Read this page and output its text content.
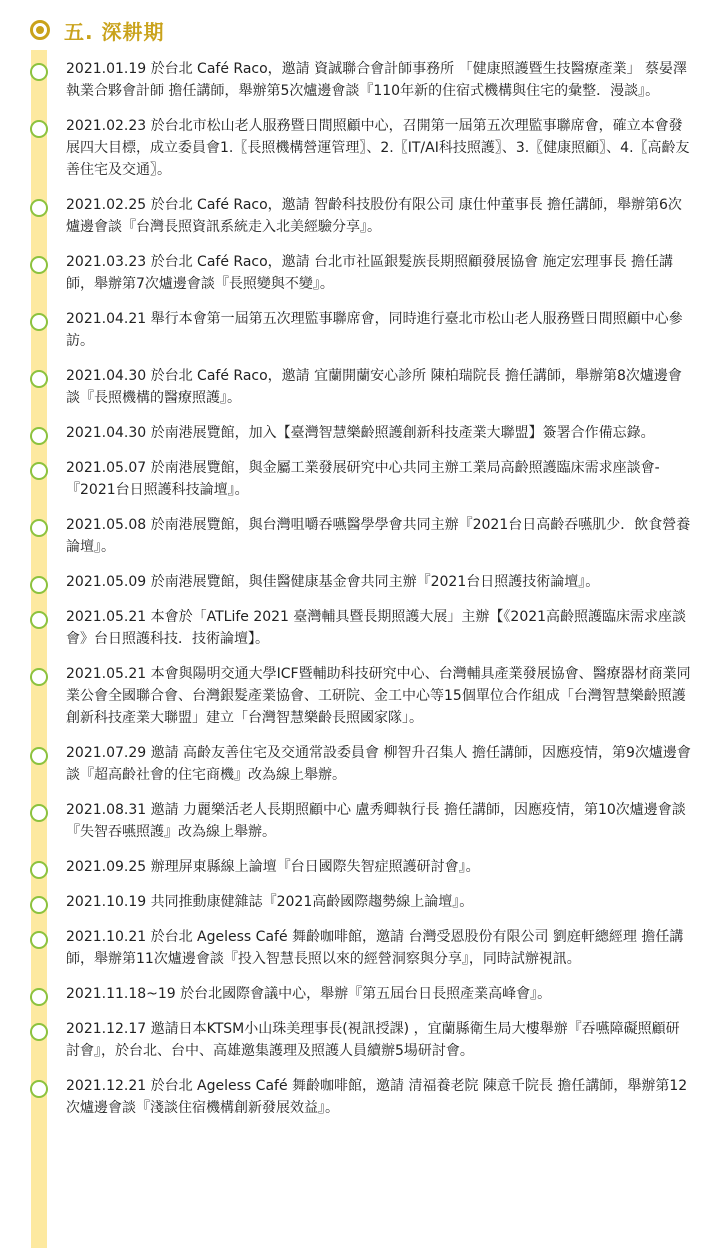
五. 深耕期
2021.01.19 於台北 Café Raco，邀請 資誠聯合會計師事務所 「健康照護暨生技醫療產業」 蔡晏澤執業合夥會計師 擔任講師，舉辦第5次爐邊會談『110年新的住宿式機構與住宅的彙整．漫談』。
2021.02.23 於台北市松山老人服務暨日間照顧中心，召開第一屆第五次理監事聯席會，確立本會發展四大目標，成立委員會1.〖長照機構營運管理〗、2.〖IT/AI科技照護〗、3.〖健康照顧〗、4.〖高齡友善住宅及交通〗。
2021.02.25 於台北 Café Raco，邀請 智齡科技股份有限公司 康仕仲董事長 擔任講師，舉辦第6次爐邊會談『台灣長照資訊系統走入北美經驗分享』。
2021.03.23 於台北 Café Raco，邀請 台北市社區銀髮族長期照顧發展協會 施定宏理事長 擔任講師，舉辦第7次爐邊會談『長照變與不變』。
2021.04.21 舉行本會第一屆第五次理監事聯席會，同時進行臺北市松山老人服務暨日間照顧中心參訪。
2021.04.30 於台北 Café Raco，邀請 宜蘭開蘭安心診所 陳柏瑞院長 擔任講師，舉辦第8次爐邊會談『長照機構的醫療照護』。
2021.04.30 於南港展覽館，加入【臺灣智慧樂齡照護創新科技產業大聯盟】簽署合作備忘錄。
2021.05.07 於南港展覽館，與金屬工業發展研究中心共同主辦工業局高齡照護臨床需求座談會-『2021台日照護科技論壇』。
2021.05.08 於南港展覽館，與台灣咀嚼吞嚥醫學學會共同主辦『2021台日高齡吞嚥肌少．飲食營養論壇』。
2021.05.09 於南港展覽館，與佳醫健康基金會共同主辦『2021台日照護技術論壇』。
2021.05.21 本會於「ATLife 2021 臺灣輔具暨長期照護大展」主辦【《2021高齡照護臨床需求座談會》台日照護科技．技術論壇】。
2021.05.21 本會與陽明交通大學ICF暨輔助科技研究中心、台灣輔具產業發展協會、醫療器材商業同業公會全國聯合會、台灣銀髮產業協會、工研院、金工中心等15個單位合作組成「台灣智慧樂齡照護創新科技產業大聯盟」建立「台灣智慧樂齡長照國家隊」。
2021.07.29 邀請 高齡友善住宅及交通常設委員會 柳智升召集人 擔任講師，因應疫情，第9次爐邊會談『超高齡社會的住宅商機』改為線上舉辦。
2021.08.31 邀請 力麗樂活老人長期照顧中心 盧秀卿執行長 擔任講師，因應疫情，第10次爐邊會談『失智吞嚥照護』改為線上舉辦。
2021.09.25 辦理屏東縣線上論壇『台日國際失智症照護研討會』。
2021.10.19 共同推動康健雜誌『2021高齡國際趨勢線上論壇』。
2021.10.21 於台北 Ageless Café 舞齡咖啡館，邀請 台灣受恩股份有限公司 劉庭軒總經理 擔任講師，舉辦第11次爐邊會談『投入智慧長照以來的經營洞察與分享』，同時試辦視訊。
2021.11.18~19 於台北國際會議中心，舉辦『第五屆台日長照產業高峰會』。
2021.12.17 邀請日本KTSM小山珠美理事長(視訊授課) ，宜蘭縣衛生局大樓舉辦『吞嚥障礙照顧研討會』，於台北、台中、高雄邀集護理及照護人員續辦5場研討會。
2021.12.21 於台北 Ageless Café 舞齡咖啡館，邀請 清福養老院 陳意千院長 擔任講師，舉辦第12次爐邊會談『淺談住宿機構創新發展效益』。
